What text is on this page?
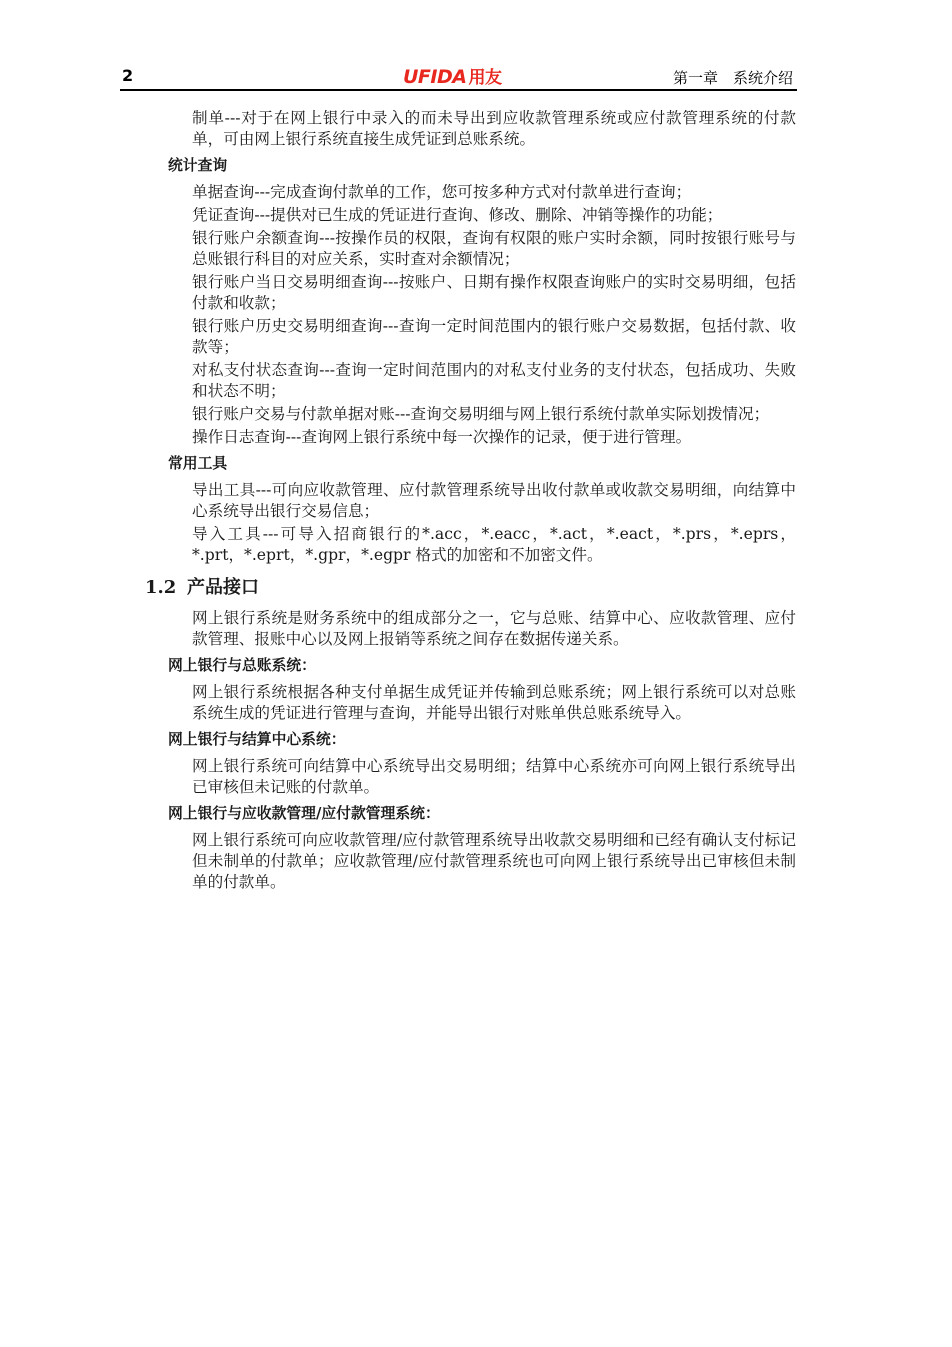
2	UFIDA 用友	第一章　系统介绍

制单---对于在网上银行中录入的而未导出到应收款管理系统或应付款管理系统的付款单，可由网上银行系统直接生成凭证到总账系统。

统计查询

单据查询---完成查询付款单的工作，您可按多种方式对付款单进行查询；

凭证查询---提供对已生成的凭证进行查询、修改、删除、冲销等操作的功能；

银行账户余额查询---按操作员的权限，查询有权限的账户实时余额，同时按银行账号与总账银行科目的对应关系，实时查对余额情况；

银行账户当日交易明细查询---按账户、日期有操作权限查询账户的实时交易明细，包括付款和收款；

银行账户历史交易明细查询---查询一定时间范围内的银行账户交易数据，包括付款、收款等；

对私支付状态查询---查询一定时间范围内的对私支付业务的支付状态，包括成功、失败和状态不明；

银行账户交易与付款单据对账---查询交易明细与网上银行系统付款单实际划拨情况；

操作日志查询---查询网上银行系统中每一次操作的记录，便于进行管理。

常用工具

导出工具---可向应收款管理、应付款管理系统导出收付款单或收款交易明细，向结算中心系统导出银行交易信息；

导入工具---可导入招商银行的*.acc，*.eacc，*.act，*.eact，*.prs，*.eprs，*.prt，*.eprt，*.gpr，*.egpr 格式的加密和不加密文件。

1.2 产品接口

网上银行系统是财务系统中的组成部分之一，它与总账、结算中心、应收款管理、应付款管理、报账中心以及网上报销等系统之间存在数据传递关系。

网上银行与总账系统：

网上银行系统根据各种支付单据生成凭证并传输到总账系统；网上银行系统可以对总账系统生成的凭证进行管理与查询，并能导出银行对账单供总账系统导入。

网上银行与结算中心系统：

网上银行系统可向结算中心系统导出交易明细；结算中心系统亦可向网上银行系统导出已审核但未记账的付款单。

网上银行与应收款管理/应付款管理系统：

网上银行系统可向应收款管理/应付款管理系统导出收款交易明细和已经有确认支付标记但未制单的付款单；应收款管理/应付款管理系统也可向网上银行系统导出已审核但未制单的付款单。
